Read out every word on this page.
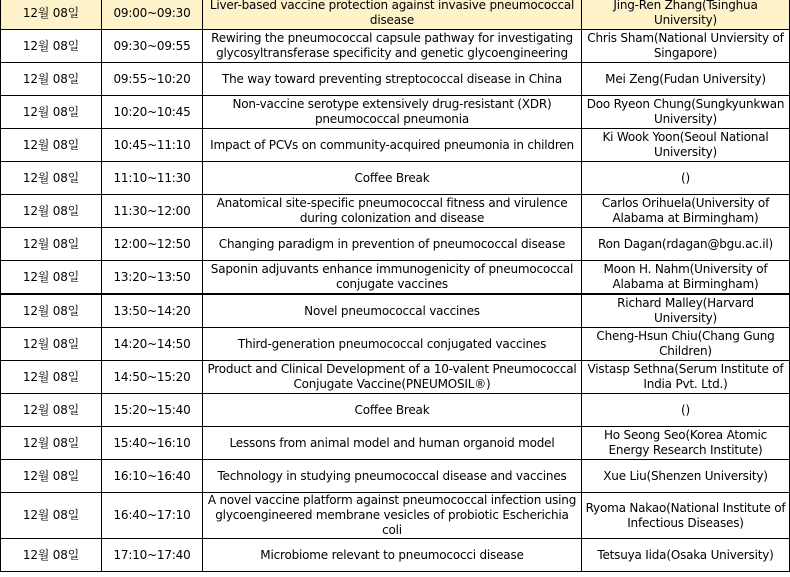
12월 08일	09:00~09:30	Liver-based vaccine protection against invasive pneumococcal disease	Jing-Ren Zhang(Tsinghua University)
12월 08일	09:30~09:55	Rewiring the pneumococcal capsule pathway for investigating glycosyltransferase specificity and genetic glycoengineering	Chris Sham(National Unviersity of Singapore)
12월 08일	09:55~10:20	The way toward preventing streptococcal disease in China	Mei Zeng(Fudan University)
12월 08일	10:20~10:45	Non-vaccine serotype extensively drug-resistant (XDR) pneumococcal pneumonia	Doo Ryeon Chung(Sungkyunkwan University)
12월 08일	10:45~11:10	Impact of PCVs on community-acquired pneumonia in children	Ki Wook Yoon(Seoul National University)
12월 08일	11:10~11:30	Coffee Break	()
12월 08일	11:30~12:00	Anatomical site-specific pneumococcal fitness and virulence during colonization and disease	Carlos Orihuela(University of Alabama at Birmingham)
12월 08일	12:00~12:50	Changing paradigm in prevention of pneumococcal disease	Ron Dagan(rdagan@bgu.ac.il)
12월 08일	13:20~13:50	Saponin adjuvants enhance immunogenicity of pneumococcal conjugate vaccines	Moon H. Nahm(University of Alabama at Birmingham)
12월 08일	13:50~14:20	Novel pneumococcal vaccines	Richard Malley(Harvard University)
12월 08일	14:20~14:50	Third-generation pneumococcal conjugated vaccines	Cheng-Hsun Chiu(Chang Gung Children)
12월 08일	14:50~15:20	Product and Clinical Development of a 10-valent Pneumococcal Conjugate Vaccine(PNEUMOSIL®)	Vistasp Sethna(Serum Institute of India Pvt. Ltd.)
12월 08일	15:20~15:40	Coffee Break	()
12월 08일	15:40~16:10	Lessons from animal model and human organoid model	Ho Seong Seo(Korea Atomic Energy Research Institute)
12월 08일	16:10~16:40	Technology in studying pneumococcal disease and vaccines	Xue Liu(Shenzen University)
12월 08일	16:40~17:10	A novel vaccine platform against pneumococcal infection using glycoengineered membrane vesicles of probiotic Escherichia coli	Ryoma Nakao(National Institute of Infectious Diseases)
12월 08일	17:10~17:40	Microbiome relevant to pneumococci disease	Tetsuya Iida(Osaka University)
